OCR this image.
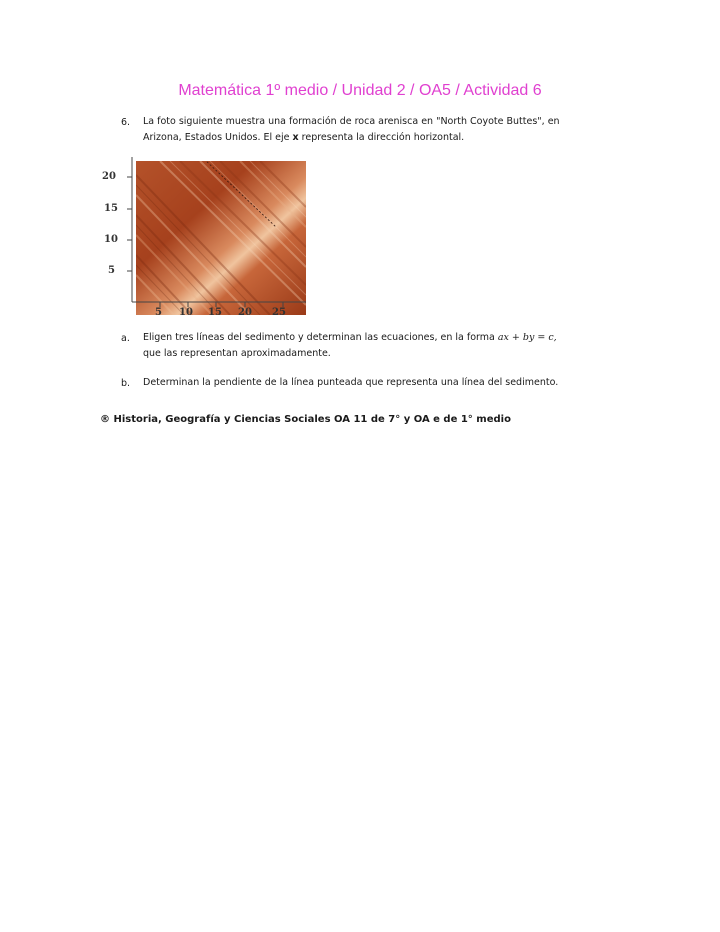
Matemática 1º medio / Unidad 2 / OA5 / Actividad 6
6. La foto siguiente muestra una formación de roca arenisca en "North Coyote Buttes", en
Arizona, Estados Unidos. El eje x representa la dirección horizontal.
20
15
10
5
5 10 15 20 25
a. Eligen tres líneas del sedimento y determinan las ecuaciones, en la forma ax + by = c,
que las representan aproximadamente.
b. Determinan la pendiente de la línea punteada que representa una línea del sedimento.
® Historia, Geografía y Ciencias Sociales OA 11 de 7° y OA e de 1° medio
